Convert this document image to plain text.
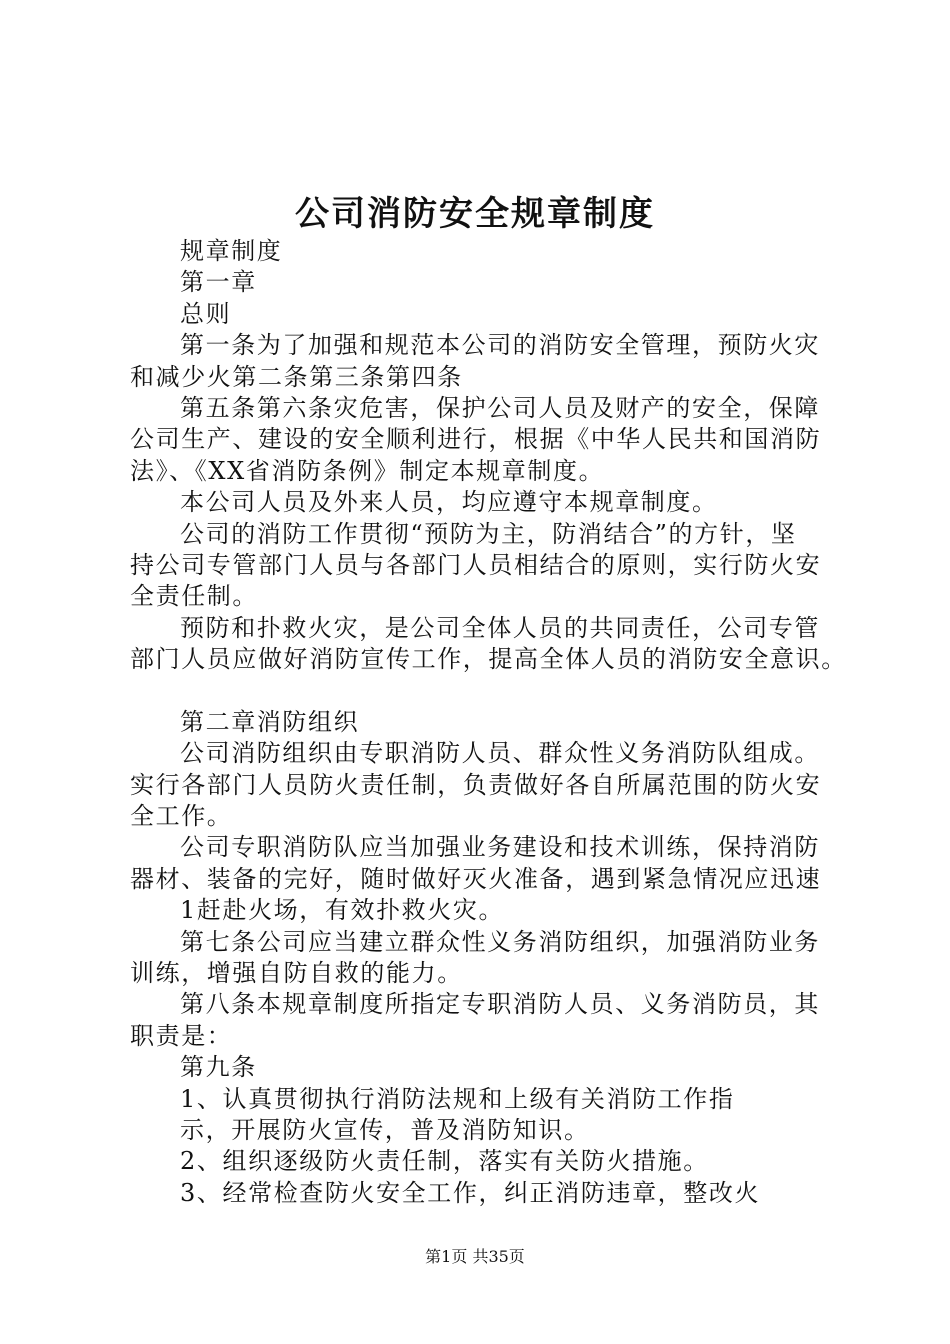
公司消防安全规章制度
规章制度
第一章
总则
第一条为了加强和规范本公司的消防安全管理，预防火灾
和减少火第二条第三条第四条
第五条第六条灾危害，保护公司人员及财产的安全，保障
公司生产、建设的安全顺利进行，根据《中华人民共和国消防
法》、《XX省消防条例》制定本规章制度。
本公司人员及外来人员，均应遵守本规章制度。
公司的消防工作贯彻“预防为主，防消结合”的方针，坚
持公司专管部门人员与各部门人员相结合的原则，实行防火安
全责任制。
预防和扑救火灾，是公司全体人员的共同责任，公司专管
部门人员应做好消防宣传工作，提高全体人员的消防安全意识。
第二章消防组织
公司消防组织由专职消防人员、群众性义务消防队组成。
实行各部门人员防火责任制，负责做好各自所属范围的防火安
全工作。
公司专职消防队应当加强业务建设和技术训练，保持消防
器材、装备的完好，随时做好灭火准备，遇到紧急情况应迅速
1赶赴火场，有效扑救火灾。
第七条公司应当建立群众性义务消防组织，加强消防业务
训练，增强自防自救的能力。
第八条本规章制度所指定专职消防人员、义务消防员，其
职责是：
第九条
1、认真贯彻执行消防法规和上级有关消防工作指
示，开展防火宣传，普及消防知识。
2、组织逐级防火责任制，落实有关防火措施。
3、经常检查防火安全工作，纠正消防违章，整改火
第1页 共35页
